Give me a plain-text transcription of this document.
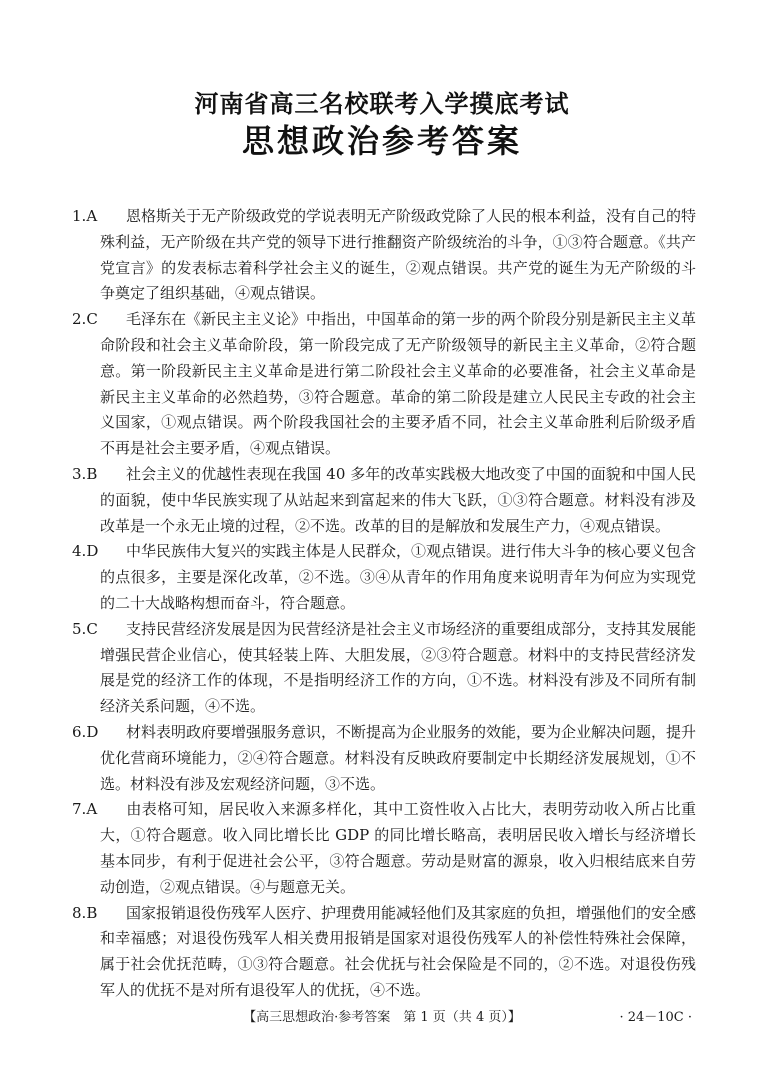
河南省高三名校联考入学摸底考试
思想政治参考答案
1.A 恩格斯关于无产阶级政党的学说表明无产阶级政党除了人民的根本利益，没有自己的特殊利益，无产阶级在共产党的领导下进行推翻资产阶级统治的斗争，①③符合题意。《共产党宣言》的发表标志着科学社会主义的诞生，②观点错误。共产党的诞生为无产阶级的斗争奠定了组织基础，④观点错误。
2.C 毛泽东在《新民主主义论》中指出，中国革命的第一步的两个阶段分别是新民主主义革命阶段和社会主义革命阶段，第一阶段完成了无产阶级领导的新民主主义革命，②符合题意。第一阶段新民主主义革命是进行第二阶段社会主义革命的必要准备，社会主义革命是新民主主义革命的必然趋势，③符合题意。革命的第二阶段是建立人民民主专政的社会主义国家，①观点错误。两个阶段我国社会的主要矛盾不同，社会主义革命胜利后阶级矛盾不再是社会主要矛盾，④观点错误。
3.B 社会主义的优越性表现在我国 40 多年的改革实践极大地改变了中国的面貌和中国人民的面貌，使中华民族实现了从站起来到富起来的伟大飞跃，①③符合题意。材料没有涉及改革是一个永无止境的过程，②不选。改革的目的是解放和发展生产力，④观点错误。
4.D 中华民族伟大复兴的实践主体是人民群众，①观点错误。进行伟大斗争的核心要义包含的点很多，主要是深化改革，②不选。③④从青年的作用角度来说明青年为何应为实现党的二十大战略构想而奋斗，符合题意。
5.C 支持民营经济发展是因为民营经济是社会主义市场经济的重要组成部分，支持其发展能增强民营企业信心，使其轻装上阵、大胆发展，②③符合题意。材料中的支持民营经济发展是党的经济工作的体现，不是指明经济工作的方向，①不选。材料没有涉及不同所有制经济关系问题，④不选。
6.D 材料表明政府要增强服务意识，不断提高为企业服务的效能，要为企业解决问题，提升优化营商环境能力，②④符合题意。材料没有反映政府要制定中长期经济发展规划，①不选。材料没有涉及宏观经济问题，③不选。
7.A 由表格可知，居民收入来源多样化，其中工资性收入占比大，表明劳动收入所占比重大，①符合题意。收入同比增长比 GDP 的同比增长略高，表明居民收入增长与经济增长基本同步，有利于促进社会公平，③符合题意。劳动是财富的源泉，收入归根结底来自劳动创造，②观点错误。④与题意无关。
8.B 国家报销退役伤残军人医疗、护理费用能减轻他们及其家庭的负担，增强他们的安全感和幸福感；对退役伤残军人相关费用报销是国家对退役伤残军人的补偿性特殊社会保障，属于社会优抚范畴，①③符合题意。社会优抚与社会保险是不同的，②不选。对退役伤残军人的优抚不是对所有退役军人的优抚，④不选。
【高三思想政治·参考答案　第 1 页（共 4 页）】	· 24－10C ·
